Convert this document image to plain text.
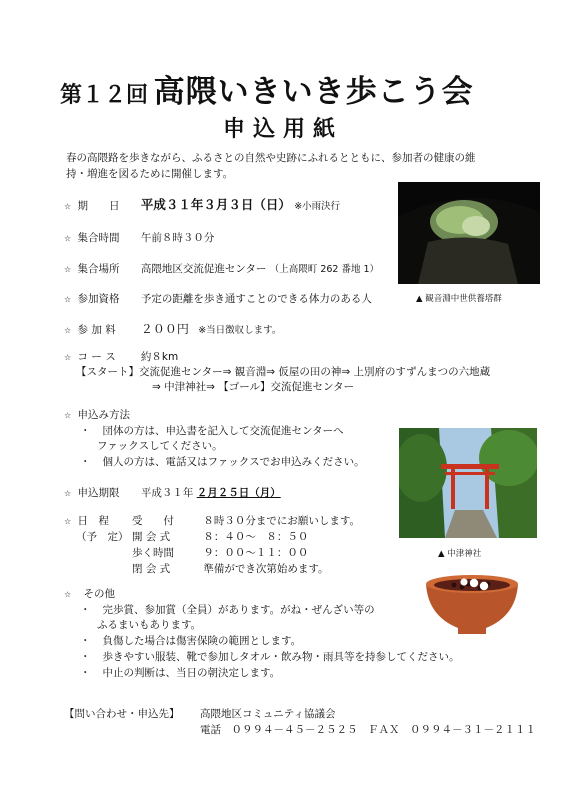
第１２回 高隈いきいき歩こう会
申込用紙
春の高隈路を歩きながら、ふるさとの自然や史跡にふれるとともに、参加者の健康の維持・増進を図るために開催します。
▲ 観音淵中世供養塔群
☆ 期　　日 平成３１年３月３日（日） ※小雨決行
☆ 集合時間 午前８時３０分
☆ 集合場所 高隈地区交流促進センター （上高隈町 262 番地 1）
☆ 参加資格 予定の距離を歩き通すことのできる体力のある人
☆ 参 加 料 ２００円 ※当日徴収します。
☆ コ ー ス 約８km
【スタート】交流促進センター⇒ 観音淵⇒ 仮屋の田の神⇒ 上別府のすずんまつの六地蔵
⇒ 中津神社⇒ 【ゴール】交流促進センター
☆ 申込み方法
・ 団体の方は、申込書を記入して交流促進センターへ
ファックスしてください。
・ 個人の方は、電話又はファックスでお申込みください。
☆ 申込期限 平成３１年 ２月２５日（月）
☆ 日　程
（予　定）
受　　付	８時３０分までにお願いします。
開 会 式	８：４０～　８：５０
歩く時間	９：００～１１：００
閉 会 式	準備ができ次第始めます。
▲ 中津神社
☆ その他
・ 完歩賞、参加賞（全員）があります。がね・ぜんざい等の
ふるまいもあります。
・ 負傷した場合は傷害保険の範囲とします。
・ 歩きやすい服装、靴で参加しタオル・飲み物・雨具等を持参してください。
・ 中止の判断は、当日の朝決定します。
【問い合わせ・申込先】 高隈地区コミュニティ協議会
電話　０９９４－４５－２５２５　ＦＡＸ　０９９４－３１－２１１１
